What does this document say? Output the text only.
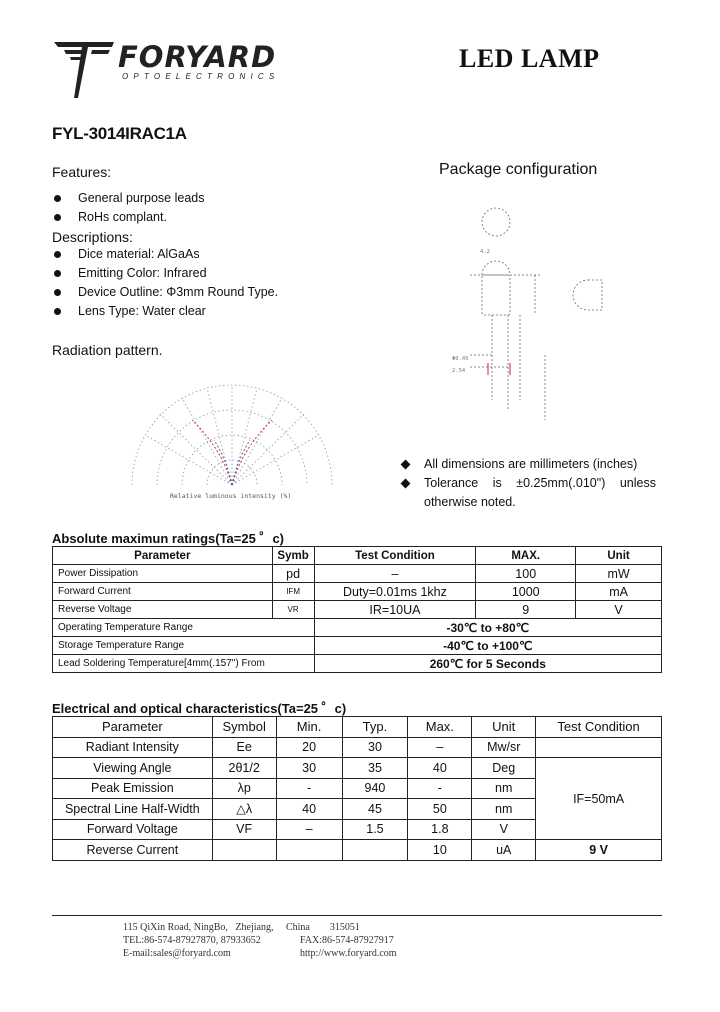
FORYARD
OPTOELECTRONICS
LED LAMP
FYL-3014IRAC1A
Features:
General purpose leads
RoHs complant.
Descriptions:
Dice material: AlGaAs
Emitting Color: Infrared
Device Outline: Φ3mm Round Type.
Lens Type: Water clear
Radiation pattern.
Relative luminous intensity (%)
Package configuration
Φ0.45
2.54
4.2
All dimensions are millimeters (inches)
Tolerance is ±0.25mm(.010") unless
otherwise noted.
Absolute maximun ratings(Ta=25 ゜c)
Parameter	Symb	Test Condition	MAX.	Unit
Power Dissipation	pd	–	100	mW
Forward Current	IFM	Duty=0.01ms 1khz	1000	mA
Reverse Voltage	VR	IR=10UA	9	V
Operating Temperature Range		-30℃ to +80℃		
Storage Temperature Range		-40℃ to +100℃		
Lead Soldering Temperature[4mm(.157") From		260℃ for 5 Seconds		
Electrical and optical characteristics(Ta=25 ゜c)
Parameter	Symbol	Min.	Typ.	Max.	Unit	Test Condition
Radiant Intensity	Ee	20	30	–	Mw/sr	
Viewing Angle	2θ1/2	30	35	40	Deg	IF=50mA
Peak Emission	λp	-	940	-	nm	
Spectral Line Half-Width	△λ	40	45	50	nm	
Forward Voltage	VF	–	1.5	1.8	V	
Reverse Current				10	uA	9 V
115 QiXin Road, NingBo,   Zhejiang,     China        315051
TEL:86-574-87927870, 87933652	FAX:86-574-87927917
E-mail:sales@foryard.com	http://www.foryard.com
